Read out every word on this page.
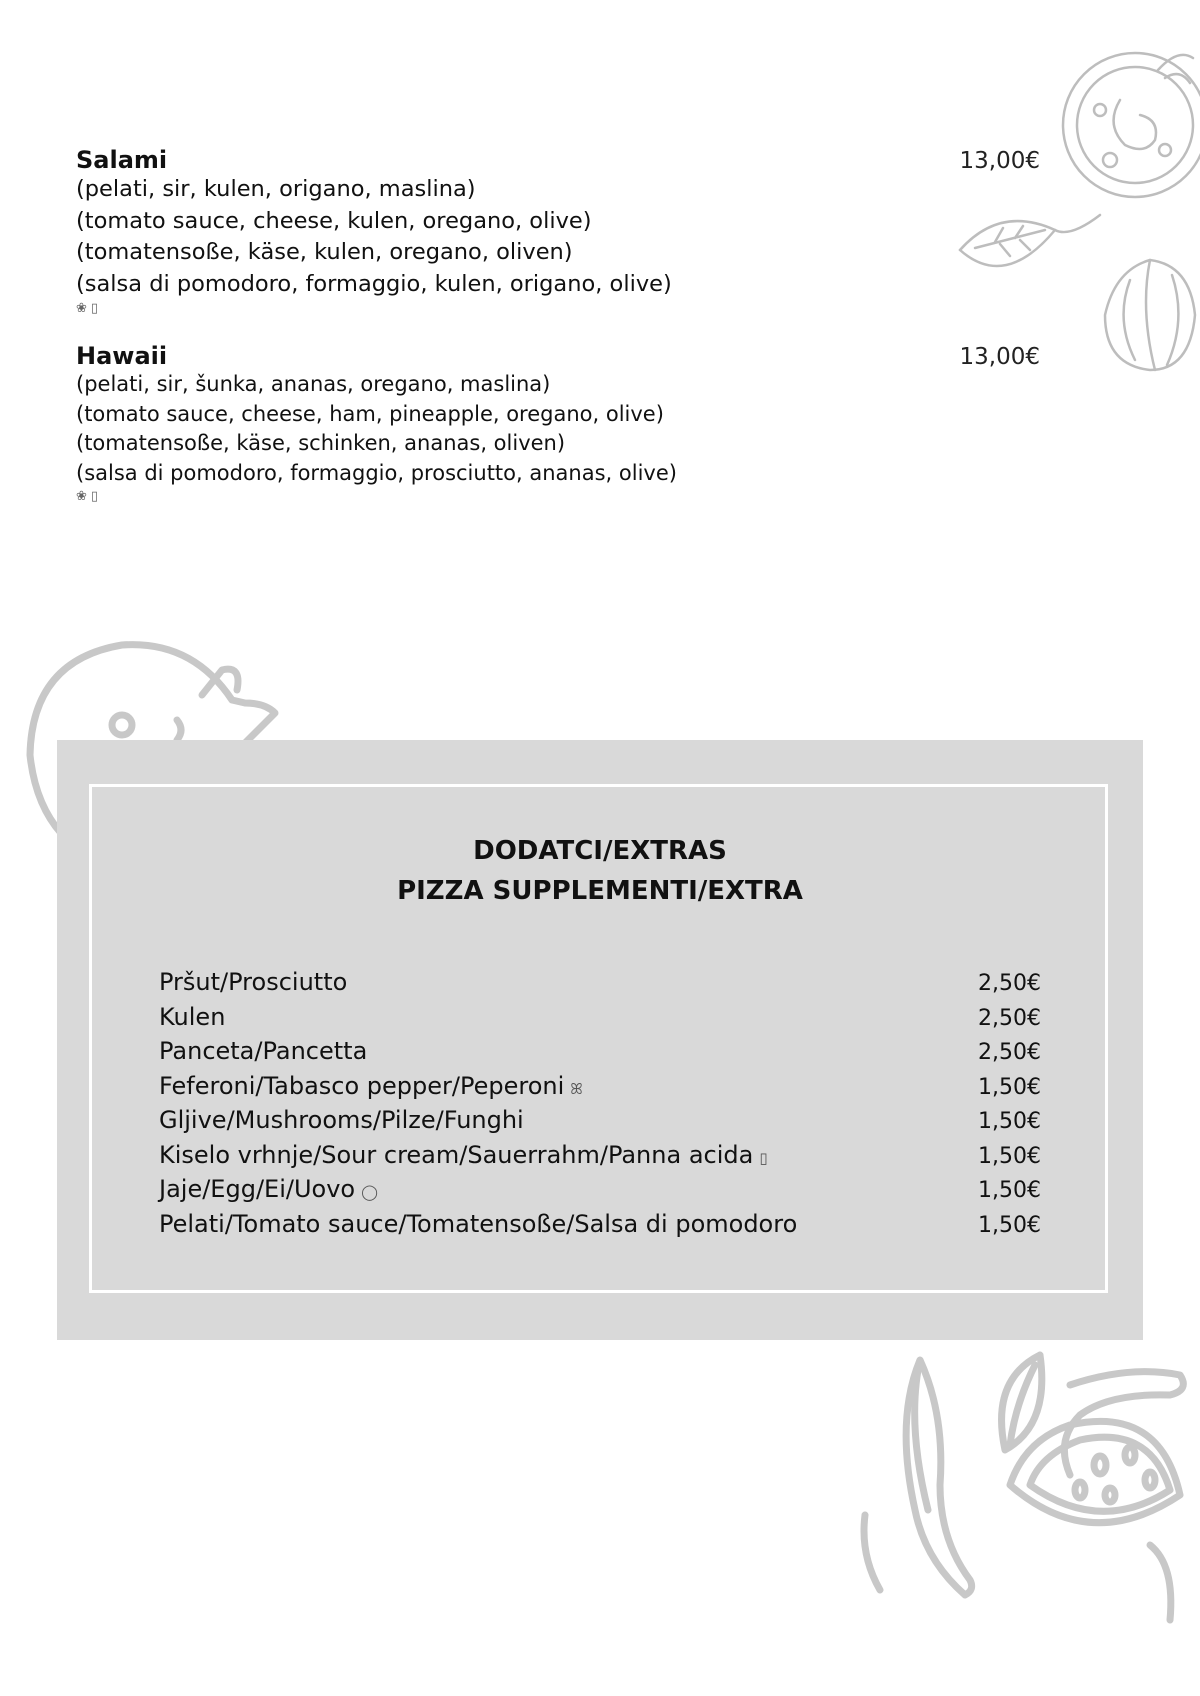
Salami	13,00€
(pelati, sir, kulen, origano, maslina)
(tomato sauce, cheese, kulen, oregano, olive)
(tomatensoße, käse, kulen, oregano, oliven)
(salsa di pomodoro, formaggio, kulen, origano, olive)
❀ ▯
Hawaii	13,00€
(pelati, sir, šunka, ananas, oregano, maslina)
(tomato sauce, cheese, ham, pineapple, oregano, olive)
(tomatensoße, käse, schinken, ananas, oliven)
(salsa di pomodoro, formaggio, prosciutto, ananas, olive)
❀ ▯
DODATCI/EXTRAS
PIZZA SUPPLEMENTI/EXTRA
Pršut/Prosciutto	2,50€
Kulen	2,50€
Panceta/Pancetta	2,50€
Feferoni/Tabasco pepper/Peperoni ꕤ	1,50€
Gljive/Mushrooms/Pilze/Funghi	1,50€
Kiselo vrhnje/Sour cream/Sauerrahm/Panna acida ▯	1,50€
Jaje/Egg/Ei/Uovo ◯	1,50€
Pelati/Tomato sauce/Tomatensoße/Salsa di pomodoro	1,50€
